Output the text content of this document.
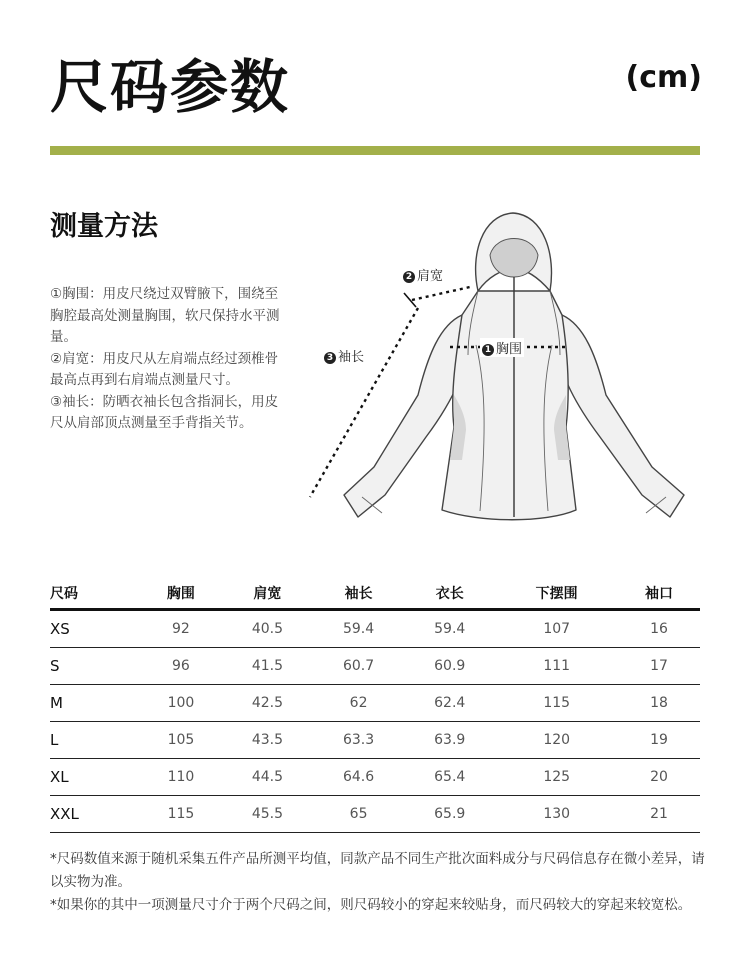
尺码参数	(cm)
测量方法

①胸围：用皮尺绕过双臂腋下，围绕至胸腔最高处测量胸围，软尺保持水平测量。

②肩宽：用皮尺从左肩端点经过颈椎骨最高点再到右肩端点测量尺寸。

③袖长：防晒衣袖长包含指洞长，用皮尺从肩部顶点测量至手背指关节。

2 肩宽
3 袖长	1 胸围
尺码	胸围	肩宽	袖长	衣长	下摆围	袖口
XS	92	40.5	59.4	59.4	107	16
S	96	41.5	60.7	60.9	111	17
M	100	42.5	62	62.4	115	18
L	105	43.5	63.3	63.9	120	19
XL	110	44.5	64.6	65.4	125	20
XXL	115	45.5	65	65.9	130	21

*尺码数值来源于随机采集五件产品所测平均值，同款产品不同生产批次面料成分与尺码信息存在微小差异，请以实物为准。

*如果你的其中一项测量尺寸介于两个尺码之间，则尺码较小的穿起来较贴身，而尺码较大的穿起来较宽松。
